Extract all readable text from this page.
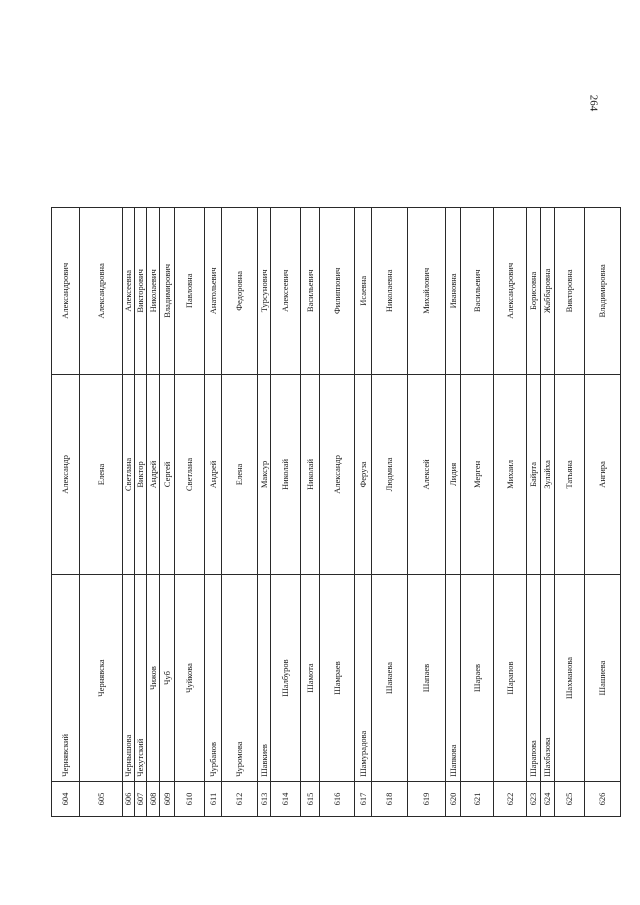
264
604	Чернявский	Александр	Александрович
605	Чернявска	Елена	Александровна
606	Чернышова	Светлана	Алексеевна
607	Чехутский	Виктор	Викторович
608	Чижов	Андрей	Николаевич
609	Чуб	Сергей	Владимирович
610	Чуйкова	Светлана	Павловна
611	Чурбанов	Андрей	Анатольевич
612	Чуромова	Елена	Федоровна
613	Шавкиев	Максур	Турсунович
614	Шалбуров	Николай	Алексеевич
615	Шамота	Николай	Васильевич
616	Шамраев	Александр	Филиппович
617	Шамурадова	Феруза	Исаевна
618	Шанаева	Людмила	Николаевна
619	Шапаев	Алексей	Михайлович
620	Шапкова	Лидия	Ивановна
621	Шараев	Мерген	Васильевич
622	Шарапов	Михаил	Александрович
623	Шарапова	Байрта	Борисовна
624	Шахбазова	Зулайха	Жаббаровна
625	Шахманова	Татьяна	Викторовна
626	Шашиева	Ангира	Владимировна
